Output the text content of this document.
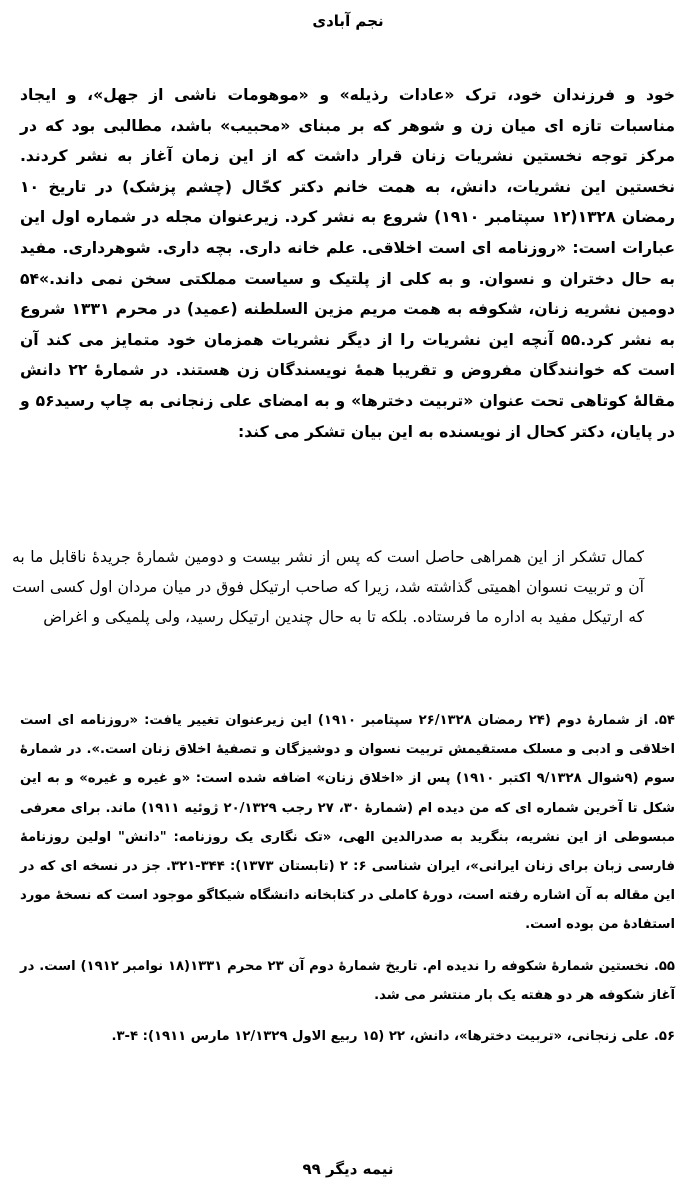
نجم آبادی

خود و فرزندان خود، ترک «عادات رذیله» و «موهومات ناشی از جهل»، و ایجاد مناسبات تازه ای میان زن و شوهر که بر مبنای «محبیب» باشد، مطالبی بود که در مرکز توجه نخستین نشریات زنان قرار داشت که از این زمان آغاز به نشر کردند. نخستین این نشریات، دانش، به همت خانم دکتر کحّال (چشم پزشک) در تاریخ ۱۰ رمضان ۱۳۲۸(۱۲ سپتامبر ۱۹۱۰) شروع به نشر کرد. زیرعنوان مجله در شماره اول این عبارات است: «روزنامه ای است اخلاقی. علم خانه داری. بچه داری. شوهرداری. مفید به حال دختران و نسوان. و به کلی از پلتیک و سیاست مملکتی سخن نمی داند.»۵۴ دومین نشریه زنان، شکوفه به همت مریم مزین السلطنه (عمید) در محرم ۱۳۳۱ شروع به نشر کرد.۵۵ آنچه این نشریات را از دیگر نشریات همزمان خود متمایز می کند آن است که خوانندگان مفروض و تقریبا همهٔ نویسندگان زن هستند. در شمارهٔ ۲۲ دانش مقالهٔ کوتاهی تحت عنوان «تربیت دخترها» و به امضای علی زنجانی به چاپ رسید۵۶ و در پایان، دکتر کحال از نویسنده به این بیان تشکر می کند:

کمال تشکر از این همراهی حاصل است که پس از نشر بیست و دومین شمارهٔ جریدهٔ ناقابل ما به آن و تربیت نسوان اهمیتی گذاشته شد، زیرا که صاحب ارتیکل فوق در میان مردان اول کسی است که ارتیکل مفید به اداره ما فرستاده. بلکه تا به حال چندین ارتیکل رسید، ولی پلمیکی و اغراض

۵۴. از شمارهٔ دوم (۲۴ رمضان ۲۶/۱۳۲۸ سپتامبر ۱۹۱۰) این زیرعنوان تغییر یافت: «روزنامه ای است اخلاقی و ادبی و مسلک مستقیمش تربیت نسوان و دوشیزگان و تصفیهٔ اخلاق زنان است.». در شمارهٔ سوم (۹شوال ۹/۱۳۲۸ اکتبر ۱۹۱۰) پس از «اخلاق زنان» اضافه شده است: «و غیره و غیره» و به این شکل تا آخرین شماره ای که من دیده ام (شمارهٔ ۳۰، ۲۷ رجب ۲۰/۱۳۲۹ ژوئیه ۱۹۱۱) ماند. برای معرفی مبسوطی از این نشریه، بنگرید به صدرالدین الهی، «تک نگاری یک روزنامه: "دانش" اولین روزنامهٔ فارسی زبان برای زنان ایرانی»، ایران شناسی ۶: ۲ (تابستان ۱۳۷۳): ۳۴۴-۳۲۱. جز در نسخه ای که در این مقاله به آن اشاره رفته است، دورهٔ کاملی در کتابخانه دانشگاه شیکاگو موجود است که نسخهٔ مورد استفادهٔ من بوده است.

۵۵. نخستین شمارهٔ شکوفه را ندیده ام. تاریخ شمارهٔ دوم آن ۲۳ محرم ۱۳۳۱(۱۸ نوامبر ۱۹۱۲) است. در آغاز شکوفه هر دو هفته یک بار منتشر می شد.

۵۶. علی زنجانی، «تربیت دخترها»، دانش، ۲۲ (۱۵ ربیع الاول ۱۲/۱۳۲۹ مارس ۱۹۱۱): ۴-۳.

نیمه دیگر ۹۹
